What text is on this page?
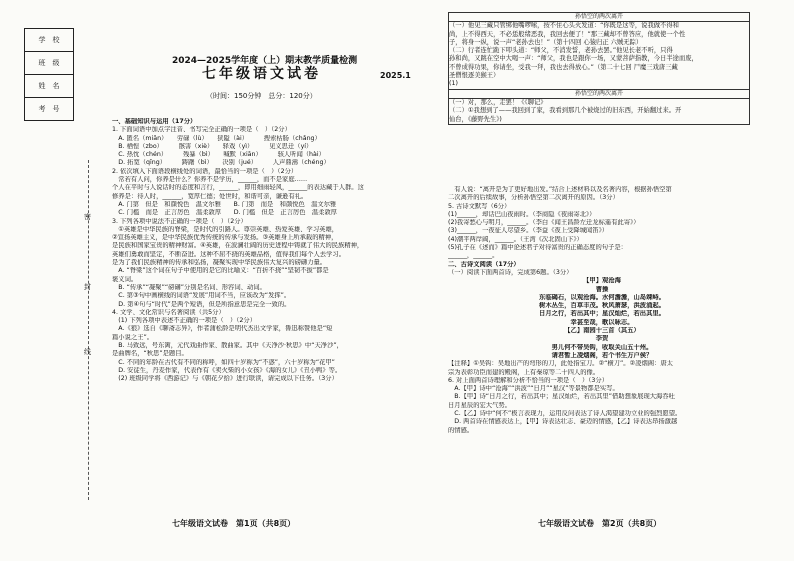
学　校
班　级
姓　名
考　号
密
封
线
2024—2025学年度（上）期末教学质量检测
七年级语文试卷	2025.1
（时间：150分钟　总分：120分）
一、基础知识与运用（17分）
1. 下面词语中加点字注音、书写完全正确的一项是（　）（2分）
　A. 匿名（miān）　　劳碌（lù）　　狭隘（ài）　　　搜索枯肠（chǎng）
　B. 栖惶（zbo）　　　骸害（xiè）　　驿戏（yì）　　　见义思迁（yí）
　C. 热忱（chén）　　　残暴（bì）　　喊默（xiān）　　　骇人听闻（hài）
　D. 拓宽（qīng）　　　踌躇（bì）　　决别（jué）　　　人声鼎沸（chéng）
2. 依次填入下面语段横线处的词语，最恰当的一项是（　）（2分）
　常若有人问，你养是什么？你养不是学历，______，而不是家庭……
个人在平时与人说话时的态度和言行，______，即用细雨轻风，______的表达藏于人群。这
修养是：待人时，______，宽厚仁德；处世时，和谐可亲，谦逊有礼。
　A. 门第　但是　和颜悦色　温文尔雅　　B. 门第　而是　和颜悦色　温文尔雅
　C. 门槛　而是　正言厉色　温柔敦厚　　D. 门槛　但是　正言厉色　温柔敦厚
3. 下列各项中说法不正确的一项是（　）（2分）
　①英雄是中华民族的脊梁，是时代的引路人。尊崇英雄、热爱英雄、学习英雄，
②宣扬英雄主义，是中华民族优秀传统的传承与发扬。③英雄身上所承载的精神，
是民族和国家宝贵的精神财富。④英雄，在波澜壮阔的历史进程中铸就了伟大的民族精神，
英雄们勇敢而坚定，不断奋进。这种不屈不挠的英雄品格，值得我们每个人去学习。
是为了我们民族精神的传承和弘扬，凝聚实现中华民族伟大复兴的磅礴力量。
　A. “脊梁”这个词在句子中使用的是它的比喻义：“百折不挠”“坚韧不拔”都是
褒义词。
　B. “传承”“凝聚”“磅礴”分别是名词、形容词、动词。
　C. 第③句中画横线的词语“发展”用词不当，应该改为“发挥”。
　D. 第④句与“时代”是两个短语，但是所指意思是完全一致的。
4. 文学、文化常识与名著阅读（共5分）
　(1) 下列各项中表述不正确的一项是（　）（2分）
　A.《狼》选自《聊斋志异》，作者蒲松龄是明代杰出文学家，鲁迅称赞他是“短
篇小说之王”。
　B. 马致远，号东篱，元代戏曲作家、散曲家。其中《天净沙·秋思》中“天净沙”，
是曲牌名，“秋思”是题目。
　C. 不同的年龄在古代有不同的称呼，如四十岁称为“不惑”，六十岁称为“花甲”
　D. 安徒生，丹麦作家，代表作有《卖火柴的小女孩》《海的女儿》《丑小鸭》等。
　(2) 班级同学将《西游记》与《朝花夕拾》进行联读，请完成以下任务。（3分）
七年级语文试卷　第1页（共8页）
孙悟空的两次离开
（一）他见三藏只管绑他嘴啰嗦，按不住心头火发道：“你既是这等，说我做不得和
尚，上不得西天，不必恁般绪恶我，我回去便了！”那三藏却不曾答应，他就使一个性
子，将身一纵，说一声“老孙去也！”（第十四回 心猿归正 六贼无踪）
（二）行者连忙跪下叩头道：“师父，不消发誓，老孙去罢。”他见长老不听，只得
孙和尚，又跳在空中大喝一声：“师父，我也是跟你一场，又蒙菩萨指教，今日半途而废，
不曾成得功果，你请坐，受我一拜，我也去得放心。”（第二十七回 尸魔三戏唐三藏
圣僧恨逐美猴王）
(1)
孙悟空的两次离开
（一）对，那么，走罢！《《聊记》
（二）①我想到了——我回到了家，我看到那几个被烧过的旧东西，开始翻过来。开
仙台，《藤野先生》)
　有人说：“离开是为了更好地出发。”结合上述材料以及名著内容，根据孙悟空第
二次离开的后续故事，分析孙悟空第二次离开的原因。（3分）
5. 古诗文默写（6分）
(1)______，却话巴山夜雨时。（李商隐《夜雨寄北》）
(2)我寄愁心与明月，______。（李白《闻王昌龄左迁龙标遥有此寄》）
(3)______，一夜征人尽望乡。（李益《夜上受降城闻笛》）
(4)潮平两岸阔，______。（王湾《次北固山下》）
(5)孔子在《述而》篇中论述君子对待富贵的正确态度的句子是：
______，______。
二、古诗文阅读（17分）
（一）阅读下面两首诗，完成第6题。（3分）
【甲】观沧海
曹操
东临碣石，以观沧海。水何澹澹，山岛竦峙。
树木丛生，百草丰茂。秋风萧瑟，洪波涌起。
日月之行，若出其中；星汉灿烂，若出其里。
幸甚至哉，歌以咏志。
【乙】南园十三首（其五）
李贺
男儿何不带吴钩，收取关山五十州。
请君暂上凌烟阁，若个书生万户侯？
【注释】①吴钩：吴地出产的弯形的刀，此处指宝刀。②“横刀”。②凌烟阁：唐太
宗为表彰功臣而建的殿阁，上有秦琼等二十四人的像。
6. 对上面两首诗理解和分析不恰当的一项是（　）（3分）
　A.【甲】诗中“沧海”“洪波”“日月”“星汉”等景物都是实写。
　B.【甲】诗“日月之行，若出其中；星汉灿烂，若出其里”借助想象展现大海吞吐
日月星辰的宏大气势。
　C.【乙】诗中“何不”极言表现力，运用反问表达了诗人渴望建功立业的强烈愿望。
　D. 两首诗在情感表达上，【甲】诗表达壮志、豪迈的情感，【乙】诗表达昂扬激越
的情感。
七年级语文试卷　第2页（共8页）
